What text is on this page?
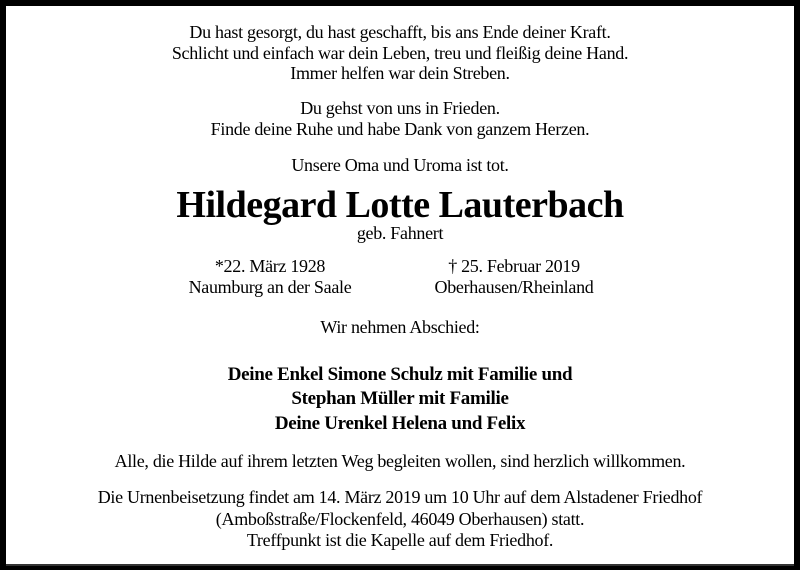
Du hast gesorgt, du hast geschafft, bis ans Ende deiner Kraft.
Schlicht und einfach war dein Leben, treu und fleißig deine Hand.
Immer helfen war dein Streben.
Du gehst von uns in Frieden.
Finde deine Ruhe und habe Dank von ganzem Herzen.
Unsere Oma und Uroma ist tot.
Hildegard Lotte Lauterbach
geb. Fahnert
*22. März 1928
Naumburg an der Saale
† 25. Februar 2019
Oberhausen/Rheinland
Wir nehmen Abschied:
Deine Enkel Simone Schulz mit Familie und
Stephan Müller mit Familie
Deine Urenkel Helena und Felix
Alle, die Hilde auf ihrem letzten Weg begleiten wollen, sind herzlich willkommen.
Die Urnenbeisetzung findet am 14. März 2019 um 10 Uhr auf dem Alstadener Friedhof
(Amboßstraße/Flockenfeld, 46049 Oberhausen) statt.
Treffpunkt ist die Kapelle auf dem Friedhof.
